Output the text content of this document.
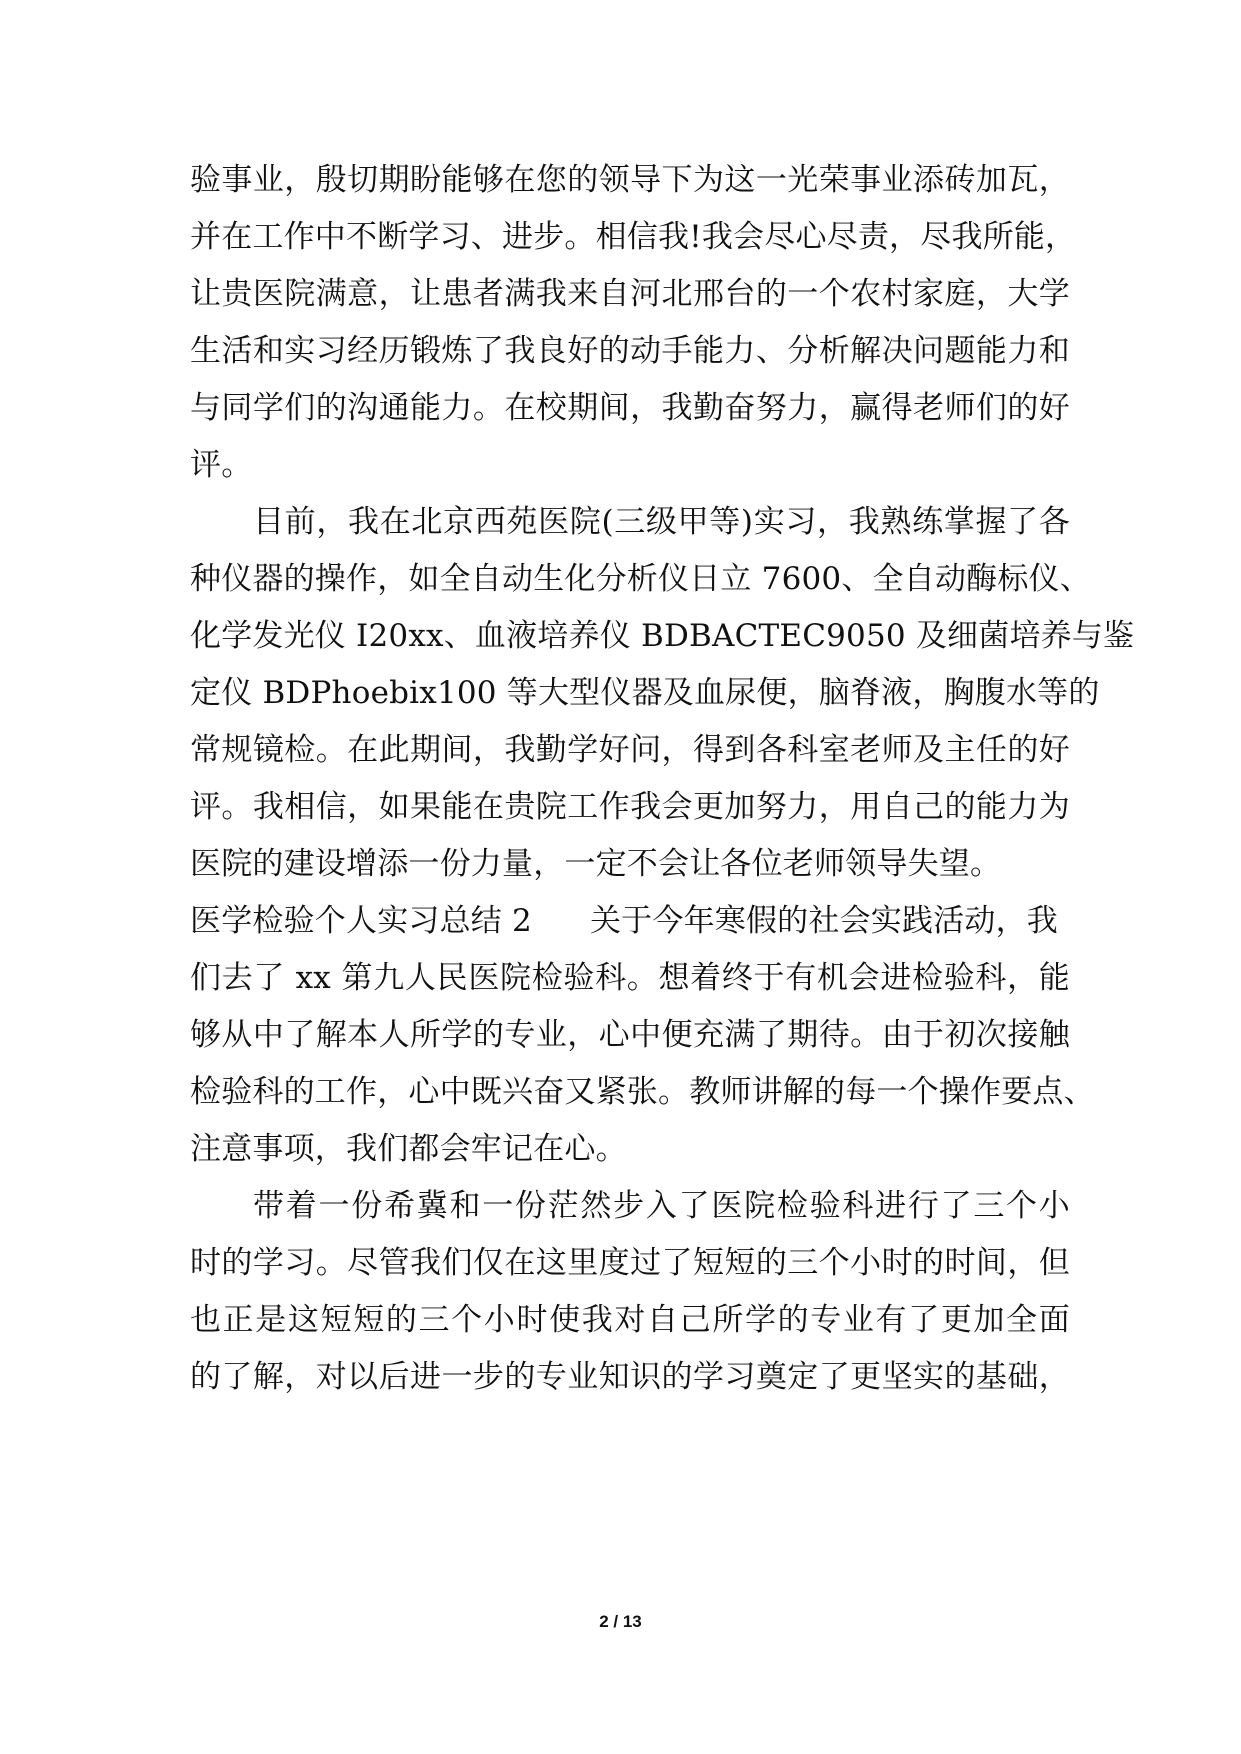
验事业，殷切期盼能够在您的领导下为这一光荣事业添砖加瓦，
并在工作中不断学习、进步。相信我!我会尽心尽责，尽我所能，
让贵医院满意，让患者满我来自河北邢台的一个农村家庭，大学
生活和实习经历锻炼了我良好的动手能力、分析解决问题能力和
与同学们的沟通能力。在校期间，我勤奋努力，赢得老师们的好
评。
目前，我在北京西苑医院(三级甲等)实习，我熟练掌握了各
种仪器的操作，如全自动生化分析仪日立 7600、全自动酶标仪、
化学发光仪 I20xx、血液培养仪 BDBACTEC9050 及细菌培养与鉴
定仪 BDPhoebix100 等大型仪器及血尿便，脑脊液，胸腹水等的
常规镜检。在此期间，我勤学好问，得到各科室老师及主任的好
评。我相信，如果能在贵院工作我会更加努力，用自己的能力为
医院的建设增添一份力量，一定不会让各位老师领导失望。
医学检验个人实习总结 2 关于今年寒假的社会实践活动，我
们去了 xx 第九人民医院检验科。想着终于有机会进检验科，能
够从中了解本人所学的专业，心中便充满了期待。由于初次接触
检验科的工作，心中既兴奋又紧张。教师讲解的每一个操作要点、
注意事项，我们都会牢记在心。
带着一份希冀和一份茫然步入了医院检验科进行了三个小
时的学习。尽管我们仅在这里度过了短短的三个小时的时间，但
也正是这短短的三个小时使我对自己所学的专业有了更加全面
的了解，对以后进一步的专业知识的学习奠定了更坚实的基础，
2 / 13
